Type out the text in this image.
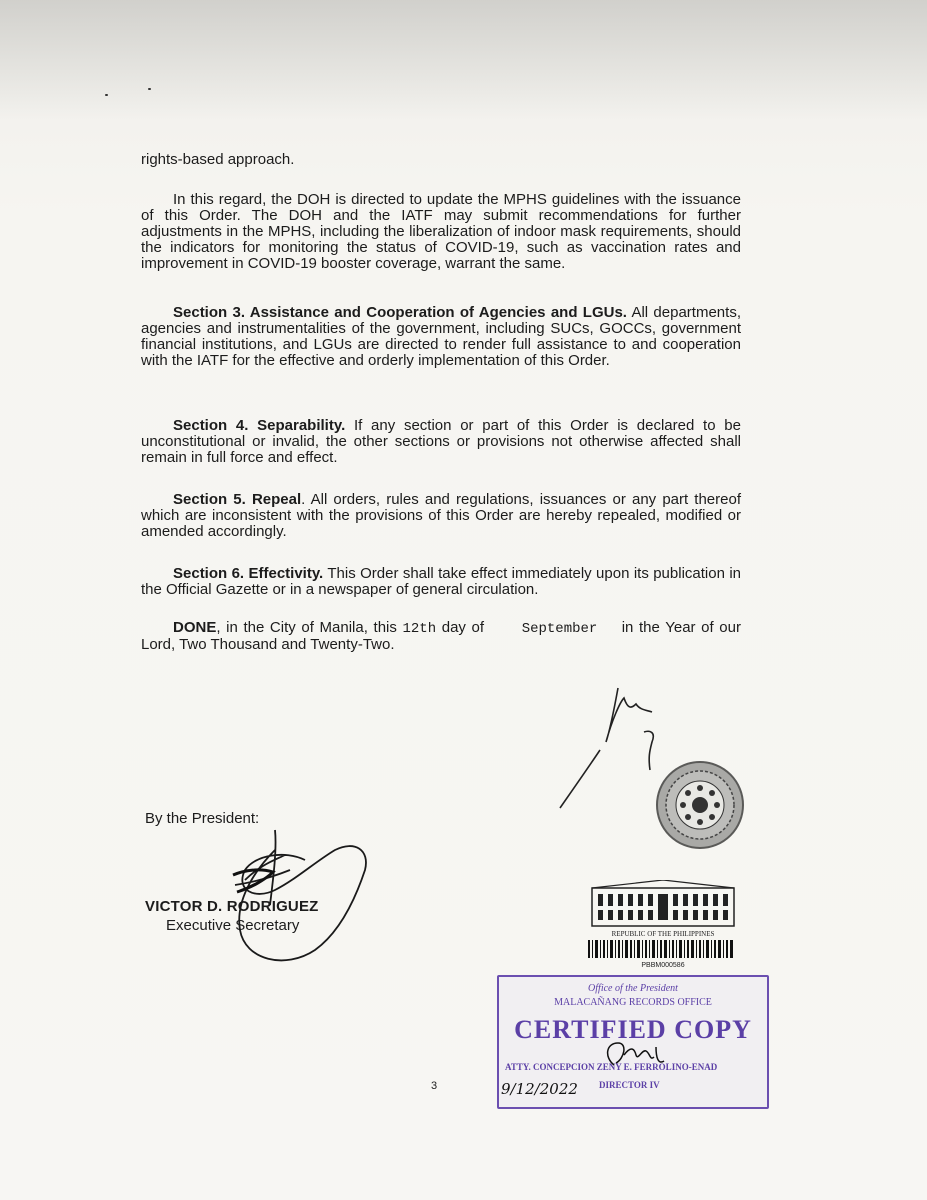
rights-based approach.
In this regard, the DOH is directed to update the MPHS guidelines with the issuance of this Order. The DOH and the IATF may submit recommendations for further adjustments in the MPHS, including the liberalization of indoor mask requirements, should the indicators for monitoring the status of COVID-19, such as vaccination rates and improvement in COVID-19 booster coverage, warrant the same.
Section 3. Assistance and Cooperation of Agencies and LGUs. All departments, agencies and instrumentalities of the government, including SUCs, GOCCs, government financial institutions, and LGUs are directed to render full assistance to and cooperation with the IATF for the effective and orderly implementation of this Order.
Section 4. Separability. If any section or part of this Order is declared to be unconstitutional or invalid, the other sections or provisions not otherwise affected shall remain in full force and effect.
Section 5. Repeal. All orders, rules and regulations, issuances or any part thereof which are inconsistent with the provisions of this Order are hereby repealed, modified or amended accordingly.
Section 6. Effectivity. This Order shall take effect immediately upon its publication in the Official Gazette or in a newspaper of general circulation.
DONE, in the City of Manila, this 12th day of September in the Year of our Lord, Two Thousand and Twenty-Two.
By the President:
VICTOR D. RODRIGUEZ
Executive Secretary	REPUBLIC OF THE PHILIPPINES
PBBM000586
Office of the President
MALACAÑANG RECORDS OFFICE
CERTIFIED COPY
ATTY. CONCEPCION ZENY E. FERROLINO-ENAD
DIRECTOR IV
9/12/2022
3
